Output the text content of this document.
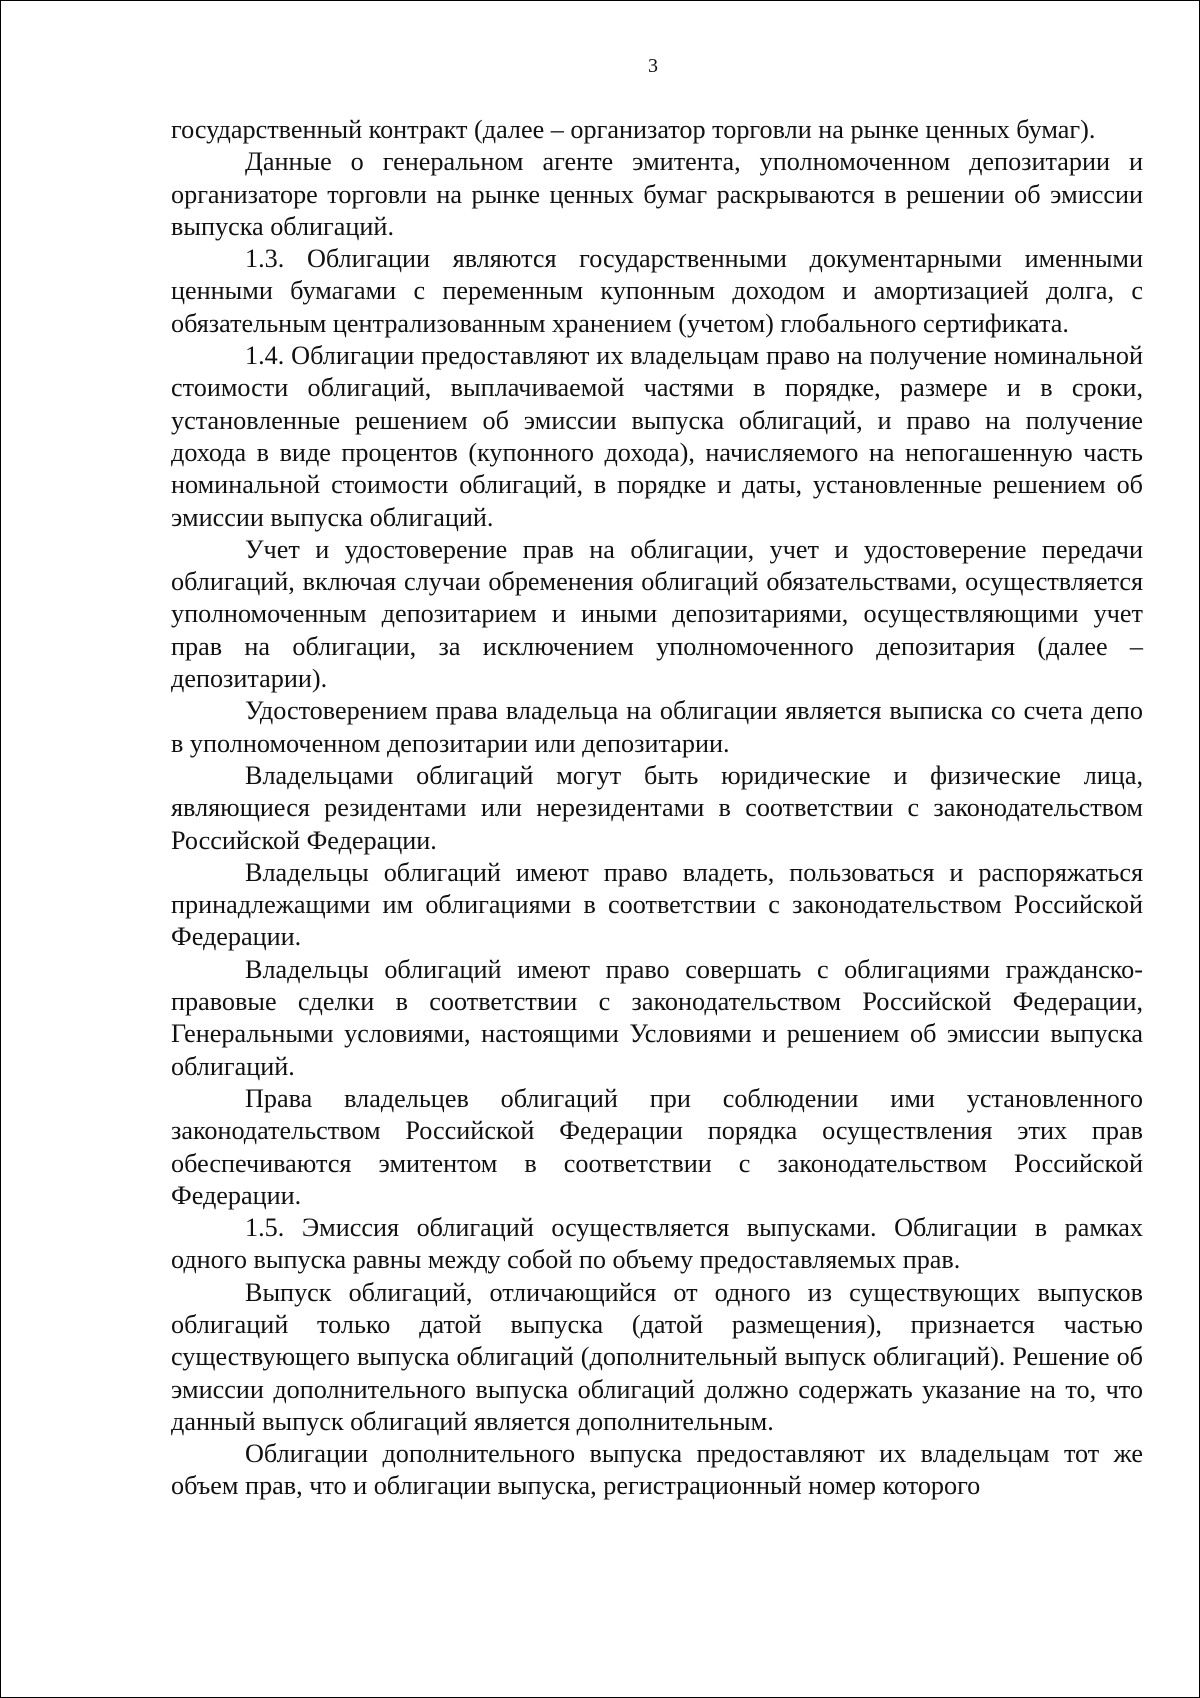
3

государственный контракт (далее – организатор торговли на рынке ценных бумаг).

Данные о генеральном агенте эмитента, уполномоченном депозитарии и организаторе торговли на рынке ценных бумаг раскрываются в решении об эмиссии выпуска облигаций.

1.3. Облигации являются государственными документарными именными ценными бумагами с переменным купонным доходом и амортизацией долга, с обязательным централизованным хранением (учетом) глобального сертификата.

1.4. Облигации предоставляют их владельцам право на получение номинальной стоимости облигаций, выплачиваемой частями в порядке, размере и в сроки, установленные решением об эмиссии выпуска облигаций, и право на получение дохода в виде процентов (купонного дохода), начисляемого на непогашенную часть номинальной стоимости облигаций, в порядке и даты, установленные решением об эмиссии выпуска облигаций.

Учет и удостоверение прав на облигации, учет и удостоверение передачи облигаций, включая случаи обременения облигаций обязательствами, осуществляется уполномоченным депозитарием и иными депозитариями, осуществляющими учет прав на облигации, за исключением уполномоченного депозитария (далее – депозитарии).

Удостоверением права владельца на облигации является выписка со счета депо в уполномоченном депозитарии или депозитарии.

Владельцами облигаций могут быть юридические и физические лица, являющиеся резидентами или нерезидентами в соответствии с законодательством Российской Федерации.

Владельцы облигаций имеют право владеть, пользоваться и распоряжаться принадлежащими им облигациями в соответствии с законодательством Российской Федерации.

Владельцы облигаций имеют право совершать с облигациями гражданско-правовые сделки в соответствии с законодательством Российской Федерации, Генеральными условиями, настоящими Условиями и решением об эмиссии выпуска облигаций.

Права владельцев облигаций при соблюдении ими установленного законодательством Российской Федерации порядка осуществления этих прав обеспечиваются эмитентом в соответствии с законодательством Российской Федерации.

1.5. Эмиссия облигаций осуществляется выпусками. Облигации в рамках одного выпуска равны между собой по объему предоставляемых прав.

Выпуск облигаций, отличающийся от одного из существующих выпусков облигаций только датой выпуска (датой размещения), признается частью существующего выпуска облигаций (дополнительный выпуск облигаций). Решение об эмиссии дополнительного выпуска облигаций должно содержать указание на то, что данный выпуск облигаций является дополнительным.

Облигации дополнительного выпуска предоставляют их владельцам тот же объем прав, что и облигации выпуска, регистрационный номер которого
